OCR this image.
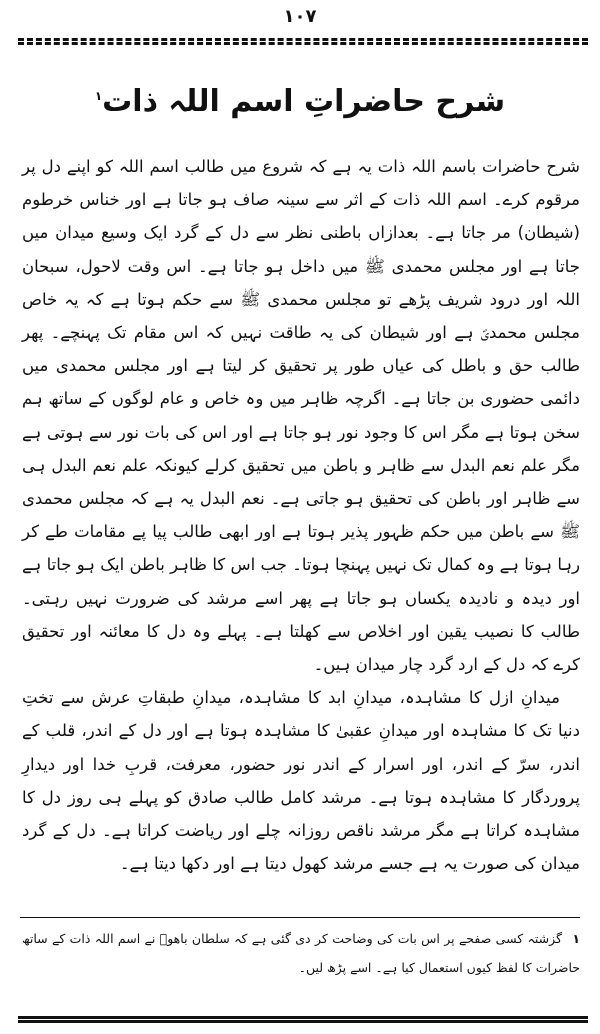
۱۰۷
شرح حاضراتِ اسم اللہ ذات$^۱$

شرح حاضرات باسم اللہ ذات یہ ہے کہ شروع میں طالب اسم اللہ کو اپنے دل پر مرقوم کرے۔ اسم اللہ ذات کے اثر سے سینہ صاف ہو جاتا ہے اور خناس خرطوم (شیطان) مر جاتا ہے۔ بعدازاں باطنی نظر سے دل کے گرد ایک وسیع میدان میں جاتا ہے اور مجلس محمدی ﷺ میں داخل ہو جاتا ہے۔ اس وقت لاحول، سبحان اللہ اور درود شریف پڑھے تو مجلس محمدی ﷺ سے حکم ہوتا ہے کہ یہ خاص مجلس محمدیؐ ہے اور شیطان کی یہ طاقت نہیں کہ اس مقام تک پہنچے۔ پھر طالب حق و باطل کی عیاں طور پر تحقیق کر لیتا ہے اور مجلس محمدی میں دائمی حضوری بن جاتا ہے۔ اگرچہ ظاہر میں وہ خاص و عام لوگوں کے ساتھ ہم سخن ہوتا ہے مگر اس کا وجود نور ہو جاتا ہے اور اس کی بات نور سے ہوتی ہے مگر علم نعم البدل سے ظاہر و باطن میں تحقیق کرلے کیونکہ علم نعم البدل ہی سے ظاہر اور باطن کی تحقیق ہو جاتی ہے۔ نعم البدل یہ ہے کہ مجلس محمدی ﷺ سے باطن میں حکم ظہور پذیر ہوتا ہے اور ابھی طالب پیا پے مقامات طے کر رہا ہوتا ہے وہ کمال تک نہیں پہنچا ہوتا۔ جب اس کا ظاہر باطن ایک ہو جاتا ہے اور دیدہ و نادیدہ یکساں ہو جاتا ہے پھر اسے مرشد کی ضرورت نہیں رہتی۔ طالب کا نصیب یقین اور اخلاص سے کھلتا ہے۔ پہلے وہ دل کا معائنہ اور تحقیق کرے کہ دل کے ارد گرد چار میدان ہیں۔

میدانِ ازل کا مشاہدہ، میدانِ ابد کا مشاہدہ، میدانِ طبقاتِ عرش سے تختِ دنیا تک کا مشاہدہ اور میدانِ عقبیٰ کا مشاہدہ ہوتا ہے اور دل کے اندر، قلب کے اندر، سرّ کے اندر، اور اسرار کے اندر نور حضور، معرفت، قربِ خدا اور دیدارِ پروردگار کا مشاہدہ ہوتا ہے۔ مرشد کامل طالب صادق کو پہلے ہی روز دل کا مشاہدہ کراتا ہے مگر مرشد ناقص روزانہ چلے اور ریاضت کراتا ہے۔ دل کے گرد میدان کی صورت یہ ہے جسے مرشد کھول دیتا ہے اور دکھا دیتا ہے۔

۱ گزشتہ کسی صفحے پر اس بات کی وضاحت کر دی گئی ہے کہ سلطان باھوؒ نے اسم اللہ ذات کے ساتھ حاضرات کا لفظ کیوں استعمال کیا ہے۔ اسے پڑھ لیں۔
